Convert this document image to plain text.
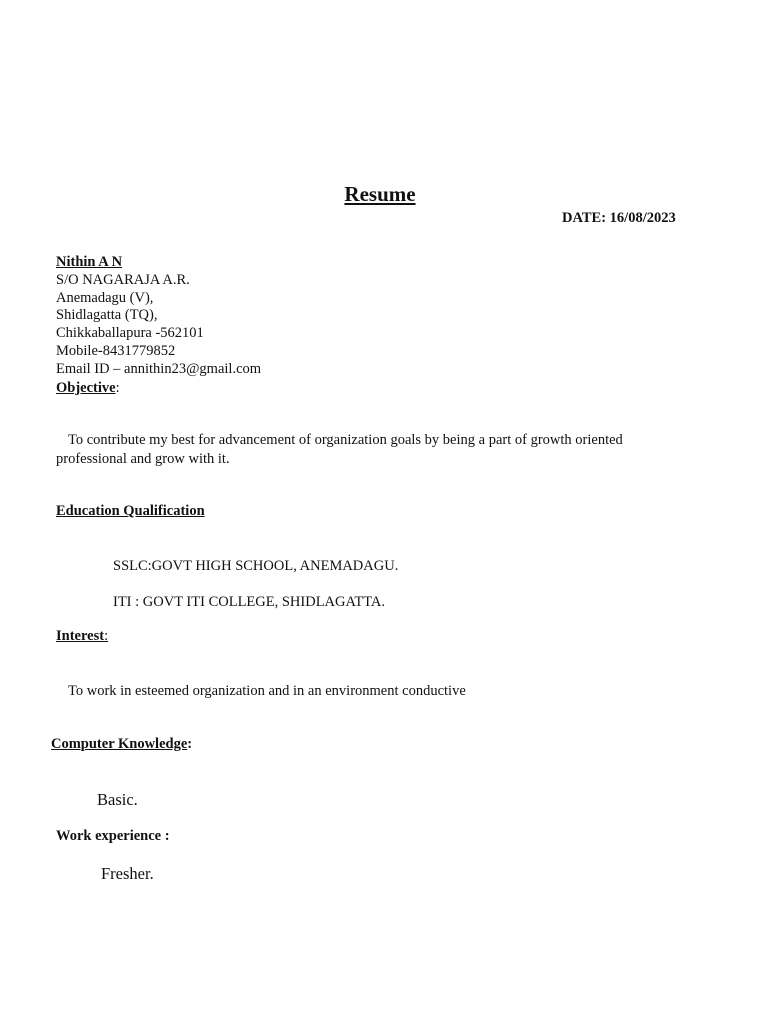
Resume
DATE: 16/08/2023
Nithin A N
S/O NAGARAJA A.R.
Anemadagu (V),
Shidlagatta (TQ),
Chikkaballapura -562101
Mobile-8431779852
Email ID – annithin23@gmail.com
Objective:
To contribute my best for advancement of organization goals by being a part of growth oriented
professional and grow with it.
Education Qualification
SSLC:GOVT HIGH SCHOOL, ANEMADAGU.
ITI : GOVT ITI COLLEGE, SHIDLAGATTA.
Interest:
To work in esteemed organization and in an environment conductive
Computer Knowledge:
Basic.
Work experience :
Fresher.
